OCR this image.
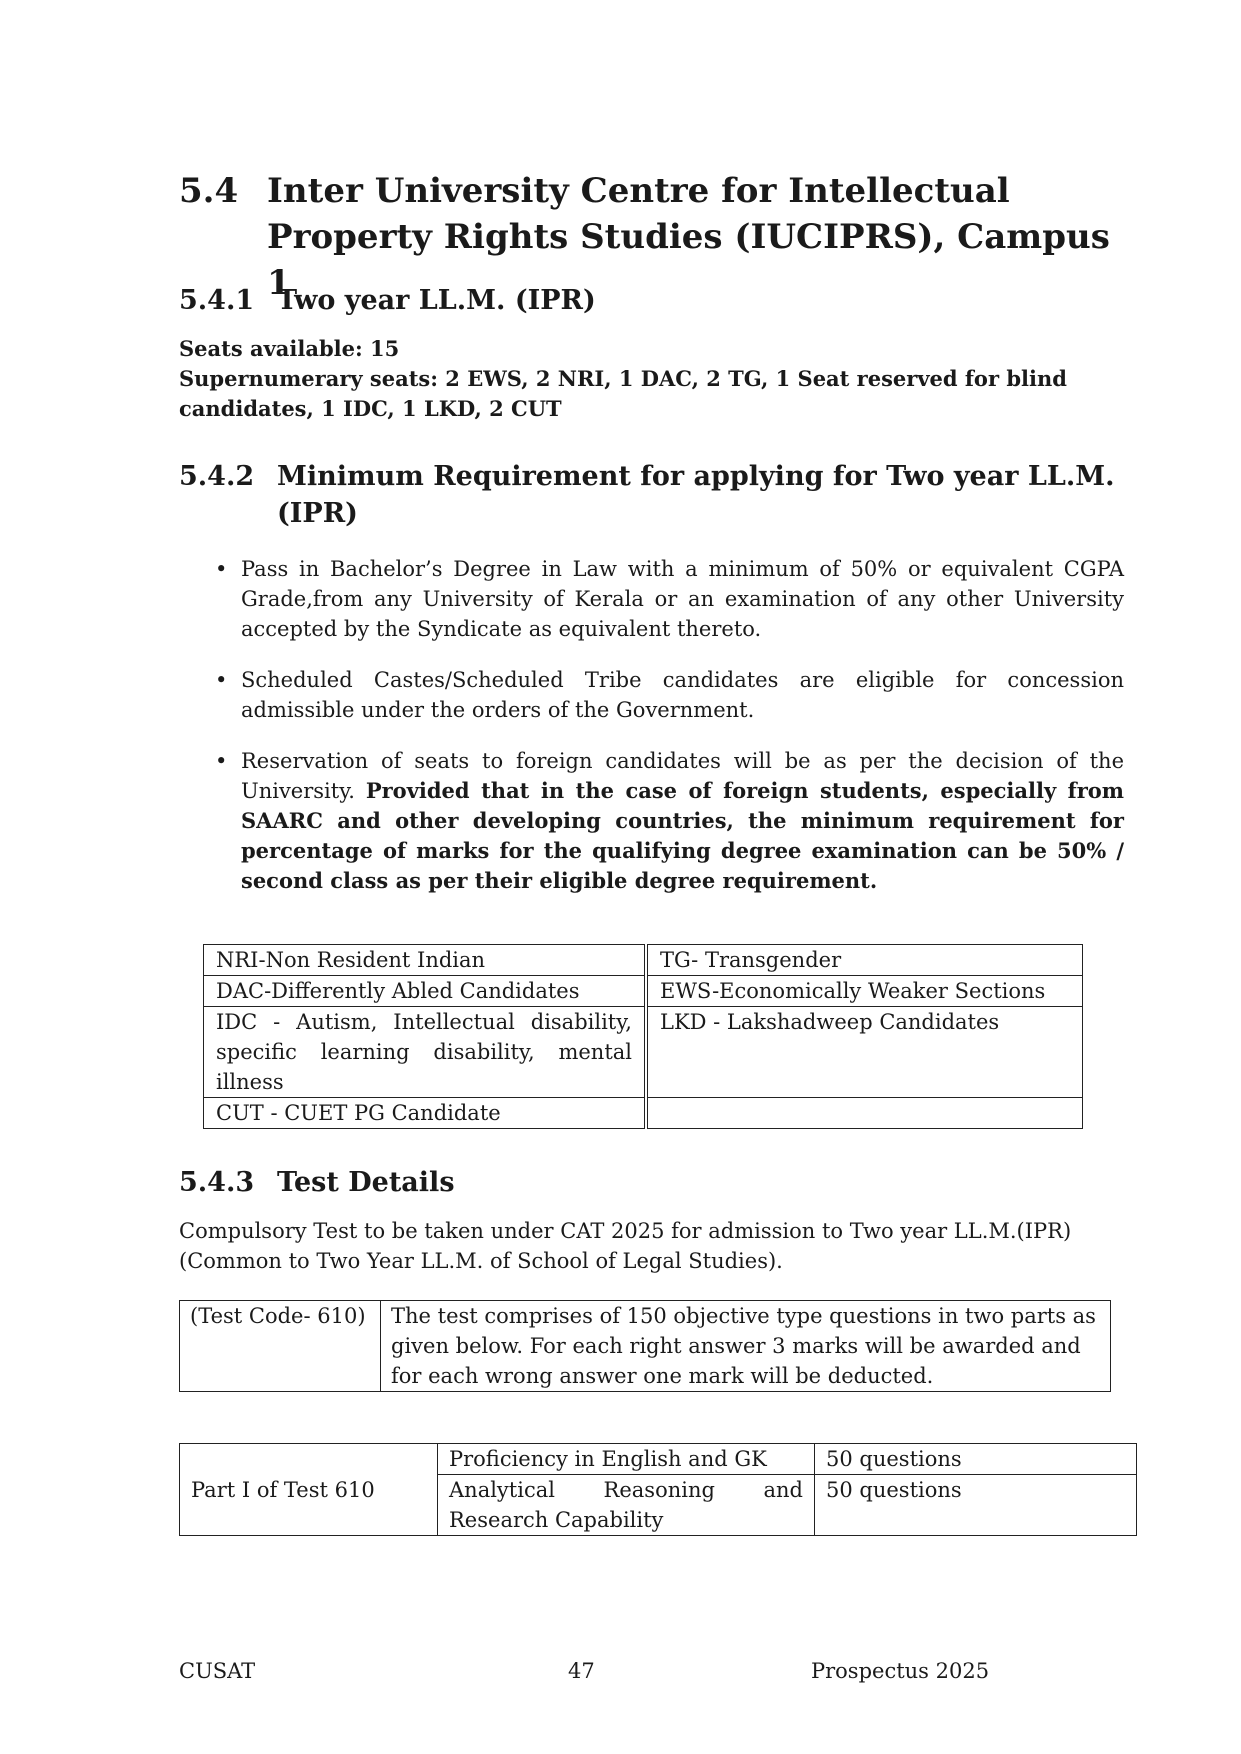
5.4 Inter University Centre for Intellectual Property Rights Studies (IUCIPRS), Campus 1
5.4.1 Two year LL.M. (IPR)
Seats available: 15
Supernumerary seats: 2 EWS, 2 NRI, 1 DAC, 2 TG, 1 Seat reserved for blind candidates, 1 IDC, 1 LKD, 2 CUT
5.4.2 Minimum Requirement for applying for Two year LL.M. (IPR)
• Pass in Bachelor’s Degree in Law with a minimum of 50% or equivalent CGPA Grade,from any University of Kerala or an examination of any other University accepted by the Syndicate as equivalent thereto.
• Scheduled Castes/Scheduled Tribe candidates are eligible for concession admissible under the orders of the Government.
• Reservation of seats to foreign candidates will be as per the decision of the University. Provided that in the case of foreign students, especially from SAARC and other developing countries, the minimum requirement for percentage of marks for the qualifying degree examination can be 50% / second class as per their eligible degree requirement.
NRI-Non Resident Indian	TG- Transgender
DAC-Differently Abled Candidates	EWS-Economically Weaker Sections
IDC - Autism, Intellectual disability, specific learning disability, mental illness	LKD - Lakshadweep Candidates
CUT - CUET PG Candidate	
5.4.3 Test Details
Compulsory Test to be taken under CAT 2025 for admission to Two year LL.M.(IPR) (Common to Two Year LL.M. of School of Legal Studies).
(Test Code- 610)	The test comprises of 150 objective type questions in two parts as given below. For each right answer 3 marks will be awarded and for each wrong answer one mark will be deducted.
Part I of Test 610	Proficiency in English and GK	50 questions
	Analytical Reasoning and Research Capability	50 questions
CUSAT	47	Prospectus 2025
